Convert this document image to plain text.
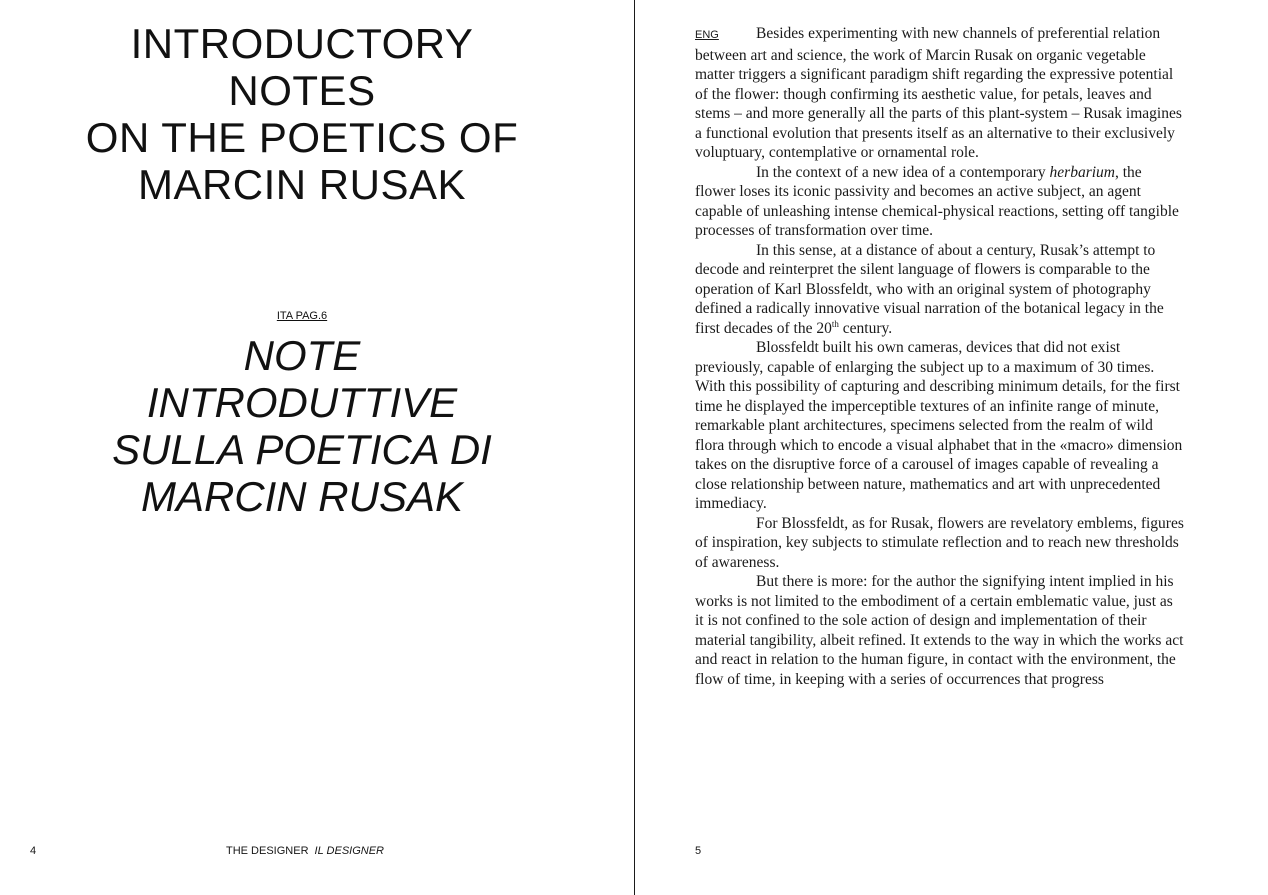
INTRODUCTORY
NOTES
ON THE POETICS OF
MARCIN RUSAK
ITA PAG.6
NOTE
INTRODUTTIVE
SULLA POETICA DI
MARCIN RUSAK
4	THE DESIGNER IL DESIGNER

ENG Besides experimenting with new channels of preferential relation between art and science, the work of Marcin Rusak on organic vegetable matter triggers a significant paradigm shift regarding the expressive potential of the flower: though confirming its aesthetic value, for petals, leaves and stems – and more generally all the parts of this plant-system – Rusak imagines a functional evolution that presents itself as an alternative to their exclusively voluptuary, contemplative or ornamental role.

In the context of a new idea of a contemporary herbarium, the flower loses its iconic passivity and becomes an active subject, an agent capable of unleashing intense chemical-physical reactions, setting off tangible processes of transformation over time.

In this sense, at a distance of about a century, Rusak’s attempt to decode and reinterpret the silent language of flowers is comparable to the operation of Karl Blossfeldt, who with an original system of photography defined a radically innovative visual narration of the botanical legacy in the first decades of the 20th century.

Blossfeldt built his own cameras, devices that did not exist previously, capable of enlarging the subject up to a maximum of 30 times. With this possibility of capturing and describing minimum details, for the first time he displayed the imperceptible textures of an infinite range of minute, remarkable plant architectures, specimens selected from the realm of wild flora through which to encode a visual alphabet that in the «macro» dimension takes on the disruptive force of a carousel of images capable of revealing a close relationship between nature, mathematics and art with unprecedented immediacy.

For Blossfeldt, as for Rusak, flowers are revelatory emblems, figures of inspiration, key subjects to stimulate reflection and to reach new thresholds of awareness.

But there is more: for the author the signifying intent implied in his works is not limited to the embodiment of a certain emblematic value, just as it is not confined to the sole action of design and implementation of their material tangibility, albeit refined. It extends to the way in which the works act and react in relation to the human figure, in contact with the environment, the flow of time, in keeping with a series of occurrences that progress

5
